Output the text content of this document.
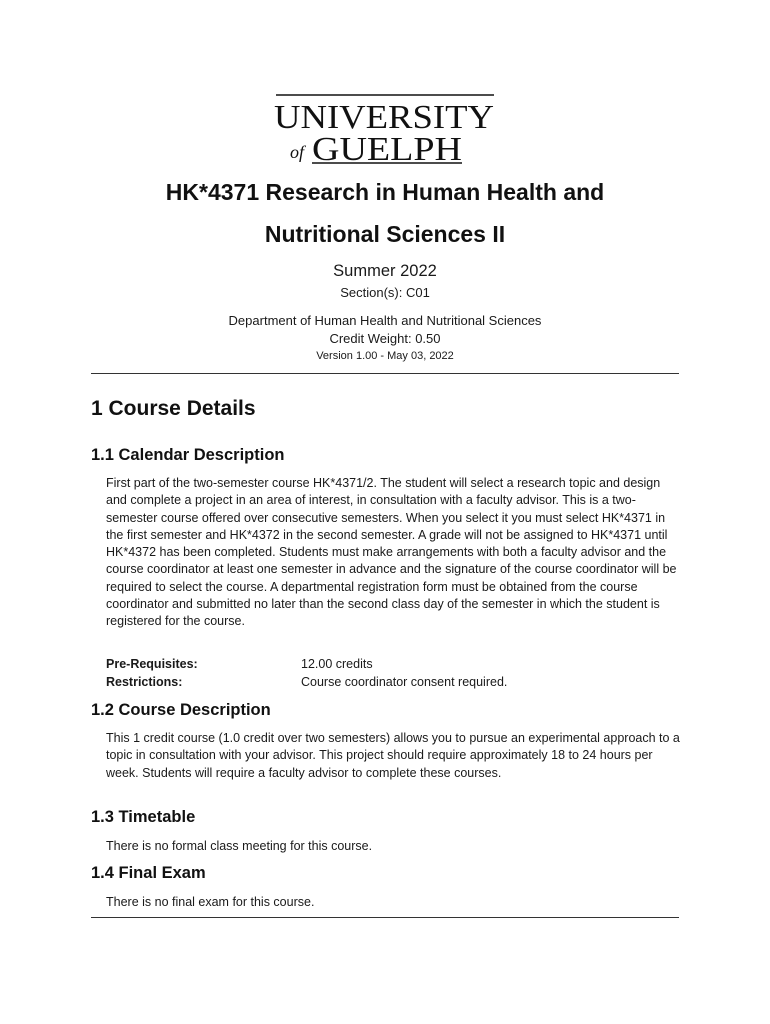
UNIVERSITY
of GUELPH
HK*4371 Research in Human Health and
Nutritional Sciences II
Summer 2022
Section(s): C01
Department of Human Health and Nutritional Sciences
Credit Weight: 0.50
Version 1.00 - May 03, 2022
1 Course Details
1.1 Calendar Description
First part of the two-semester course HK*4371/2. The student will select a research topic and design and complete a project in an area of interest, in consultation with a faculty advisor. This is a two-semester course offered over consecutive semesters. When you select it you must select HK*4371 in the first semester and HK*4372 in the second semester. A grade will not be assigned to HK*4371 until HK*4372 has been completed. Students must make arrangements with both a faculty advisor and the course coordinator at least one semester in advance and the signature of the course coordinator will be required to select the course. A departmental registration form must be obtained from the course coordinator and submitted no later than the second class day of the semester in which the student is registered for the course.
Pre-Requisites:	12.00 credits
Restrictions:	Course coordinator consent required.
1.2 Course Description
This 1 credit course (1.0 credit over two semesters) allows you to pursue an experimental approach to a topic in consultation with your advisor. This project should require approximately 18 to 24 hours per week. Students will require a faculty advisor to complete these courses.
1.3 Timetable
There is no formal class meeting for this course.
1.4 Final Exam
There is no final exam for this course.
